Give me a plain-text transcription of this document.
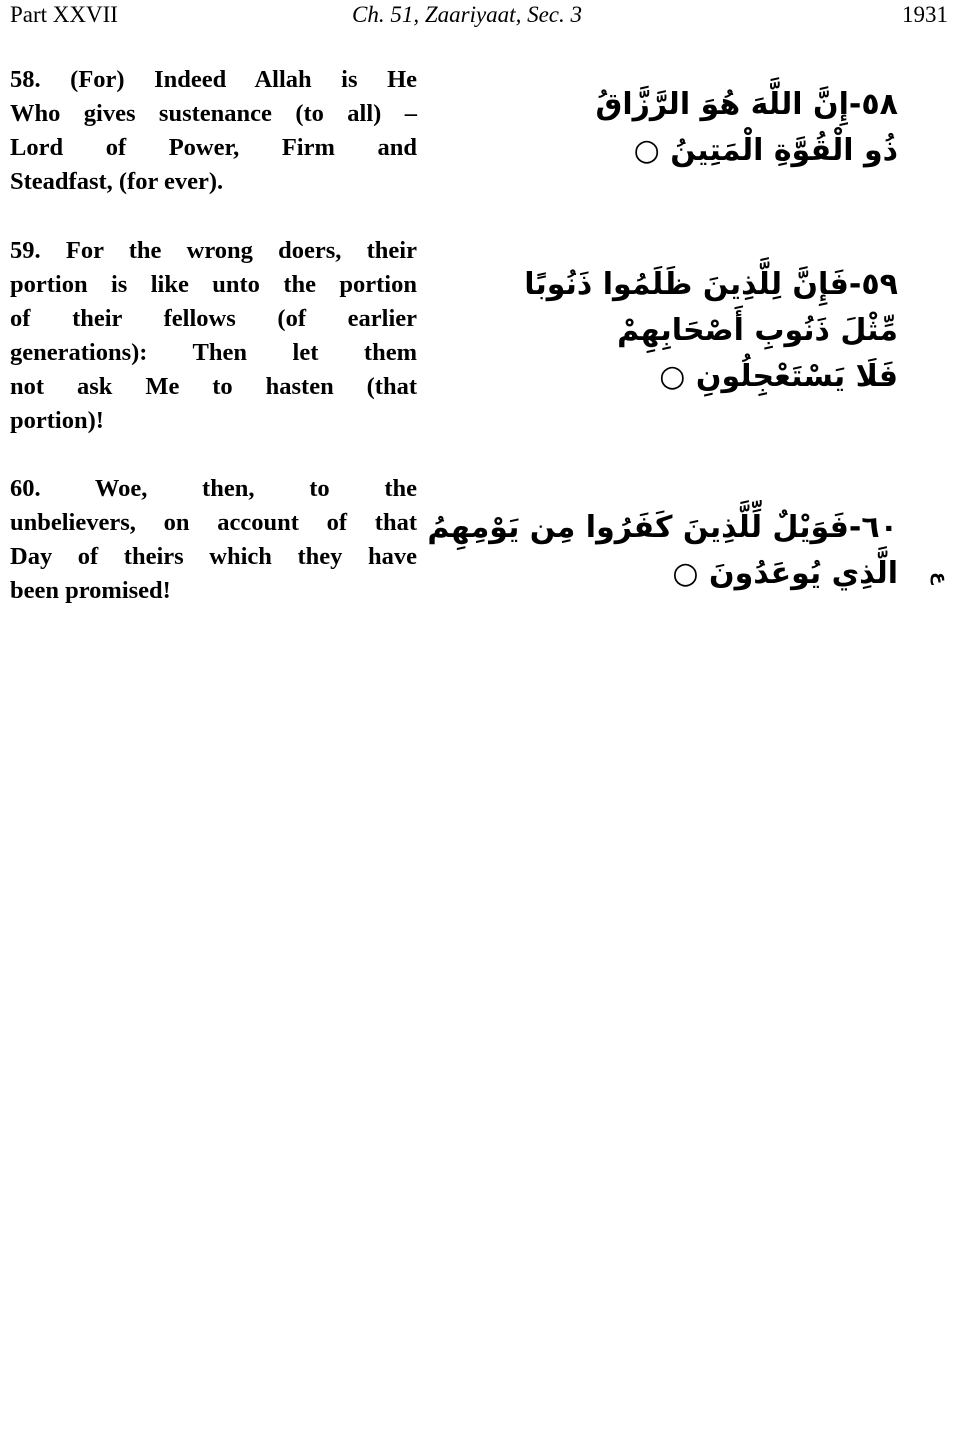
Part XXVII	Ch. 51, Zaariyaat, Sec. 3	1931
58. (For) Indeed Allah is He
Who gives sustenance (to all) –
Lord of Power, Firm and
Steadfast, (for ever).
٥٨-إِنَّ اللَّهَ هُوَ الرَّزَّاقُ
ذُو الْقُوَّةِ الْمَتِينُ ○
59. For the wrong doers, their
portion is like unto the portion
of their fellows (of earlier
generations): Then let them
not ask Me to hasten (that
portion)!
٥٩-فَإِنَّ لِلَّذِينَ ظَلَمُوا ذَنُوبًا
مِّثْلَ ذَنُوبِ أَصْحَابِهِمْ
فَلَا يَسْتَعْجِلُونِ ○
60. Woe, then, to the
unbelievers, on account of that
Day of theirs which they have
been promised!
٦٠-فَوَيْلٌ لِّلَّذِينَ كَفَرُوا مِن يَوْمِهِمُ
الَّذِي يُوعَدُونَ ○ ع
